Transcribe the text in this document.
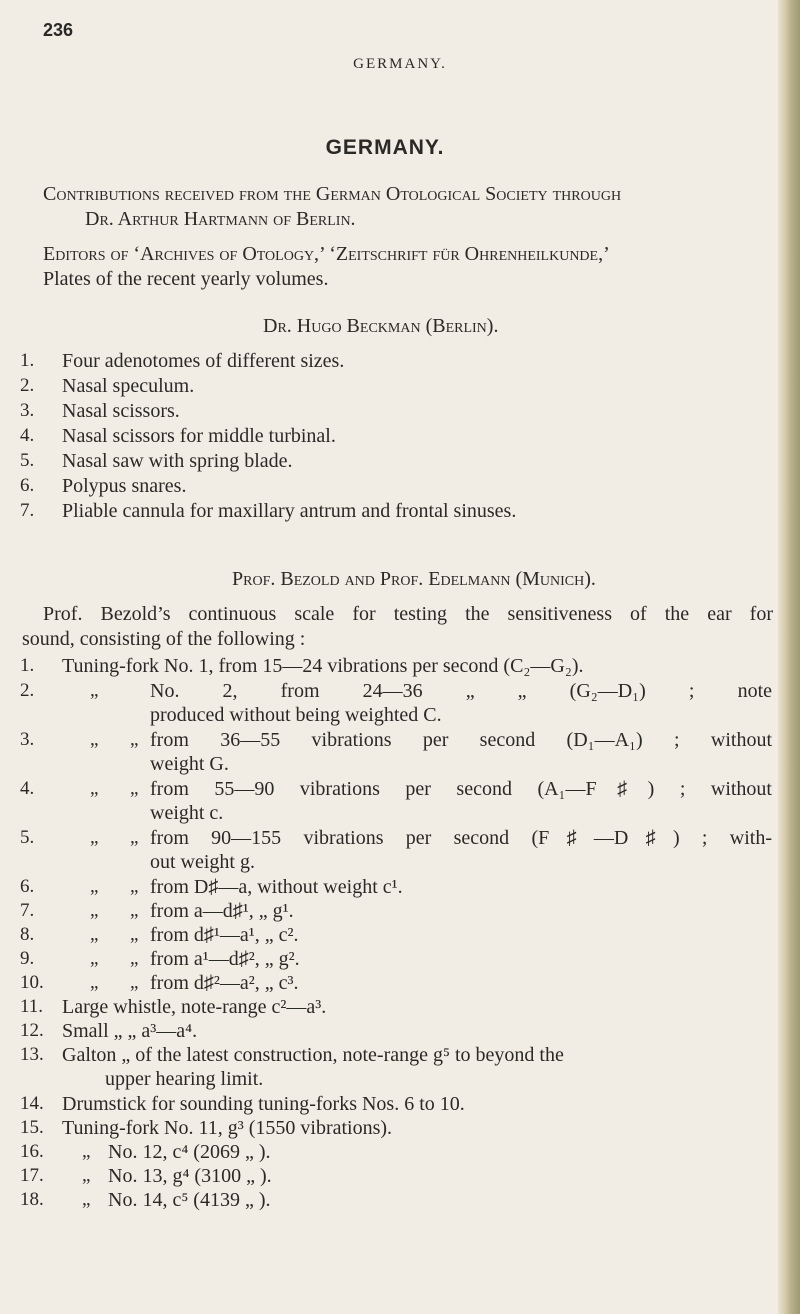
236
GERMANY.
GERMANY.
Contributions received from the German Otological Society through
Dr. Arthur Hartmann of Berlin.
Editors of ‘Archives of Otology,’ ‘Zeitschrift für Ohrenheilkunde,’
Plates of the recent yearly volumes.
Dr. Hugo Beckman (Berlin).
1. Four adenotomes of different sizes.
2. Nasal speculum.
3. Nasal scissors.
4. Nasal scissors for middle turbinal.
5. Nasal saw with spring blade.
6. Polypus snares.
7. Pliable cannula for maxillary antrum and frontal sinuses.
Prof. Bezold and Prof. Edelmann (Munich).
Prof. Bezold’s continuous scale for testing the sensitiveness of the ear for
sound, consisting of the following :
1. Tuning-fork No. 1, from 15—24 vibrations per second (C₂—G₂).
2.	„	No. 2, from 24—36 „ „ (G₂—D₁) ; note
produced without being weighted C.
3.	„ „ from 36—55 vibrations per second (D₁—A₁) ; without
weight G.
4.	„ „ from 55—90 vibrations per second (A₁—F♯) ; without
weight c.
5.	„ „ from 90—155 vibrations per second (F♯—D♯) ; with-
out weight g.
6.	„ „ from D♯—a, without weight c¹.
7.	„ „ from a—d♯¹, „ g¹.
8.	„ „ from d♯¹—a¹, „ c².
9.	„ „ from a¹—d♯², „ g².
10. „ „ from d♯²—a², „ c³.
11. Large whistle, note-range c²—a³.
12. Small „ „ a³—a⁴.
13. Galton „ of the latest construction, note-range g⁵ to beyond the
upper hearing limit.
14. Drumstick for sounding tuning-forks Nos. 6 to 10.
15. Tuning-fork No. 11, g³ (1550 vibrations).
16. „ No. 12, c⁴ (2069 „ ).
17. „ No. 13, g⁴ (3100 „ ).
18. „ No. 14, c⁵ (4139 „ ).
